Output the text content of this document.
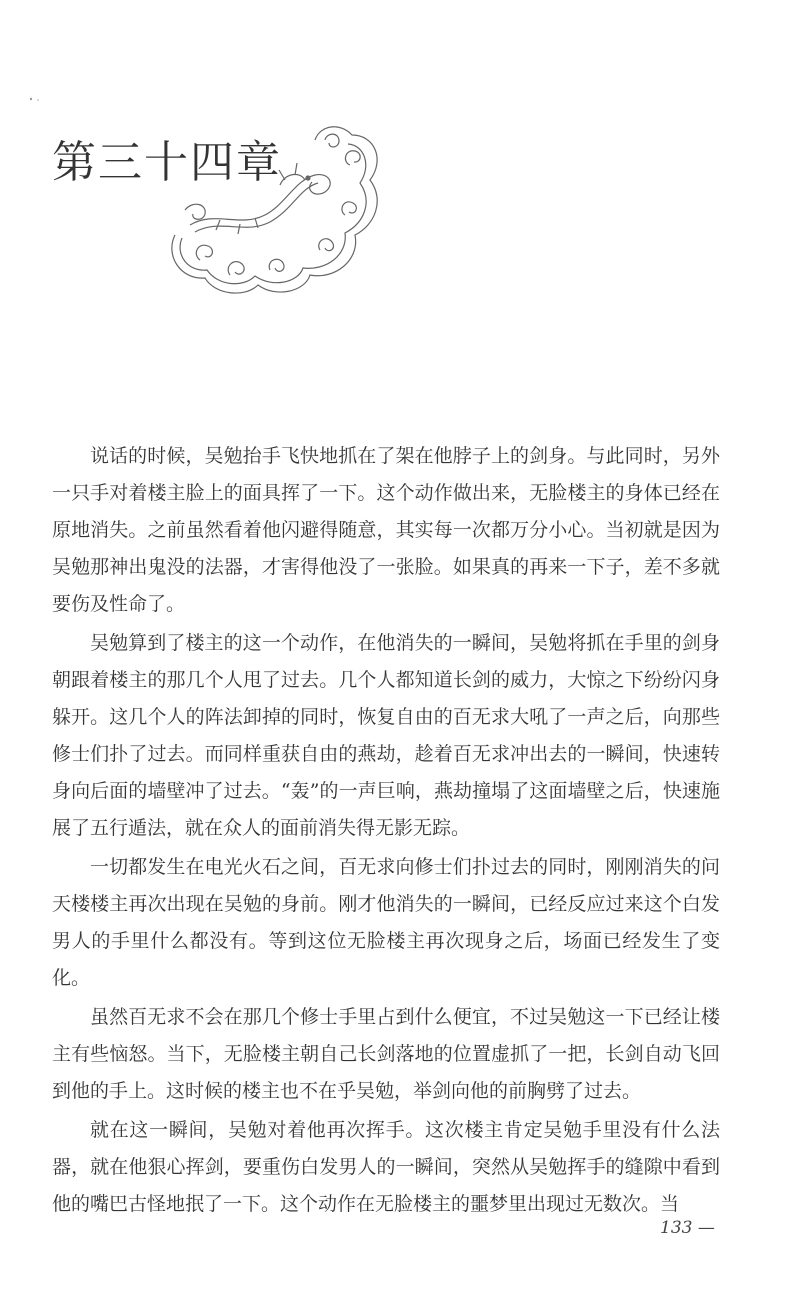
第三十四章

说话的时候，吴勉抬手飞快地抓在了架在他脖子上的剑身。与此同时，另外一只手对着楼主脸上的面具挥了一下。这个动作做出来，无脸楼主的身体已经在原地消失。之前虽然看着他闪避得随意，其实每一次都万分小心。当初就是因为吴勉那神出鬼没的法器，才害得他没了一张脸。如果真的再来一下子，差不多就要伤及性命了。

吴勉算到了楼主的这一个动作，在他消失的一瞬间，吴勉将抓在手里的剑身朝跟着楼主的那几个人甩了过去。几个人都知道长剑的威力，大惊之下纷纷闪身躲开。这几个人的阵法卸掉的同时，恢复自由的百无求大吼了一声之后，向那些修士们扑了过去。而同样重获自由的燕劫，趁着百无求冲出去的一瞬间，快速转身向后面的墙壁冲了过去。“轰”的一声巨响，燕劫撞塌了这面墙壁之后，快速施展了五行遁法，就在众人的面前消失得无影无踪。

一切都发生在电光火石之间，百无求向修士们扑过去的同时，刚刚消失的问天楼楼主再次出现在吴勉的身前。刚才他消失的一瞬间，已经反应过来这个白发男人的手里什么都没有。等到这位无脸楼主再次现身之后，场面已经发生了变化。

虽然百无求不会在那几个修士手里占到什么便宜，不过吴勉这一下已经让楼主有些恼怒。当下，无脸楼主朝自己长剑落地的位置虚抓了一把，长剑自动飞回到他的手上。这时候的楼主也不在乎吴勉，举剑向他的前胸劈了过去。

就在这一瞬间，吴勉对着他再次挥手。这次楼主肯定吴勉手里没有什么法器，就在他狠心挥剑，要重伤白发男人的一瞬间，突然从吴勉挥手的缝隙中看到他的嘴巴古怪地抿了一下。这个动作在无脸楼主的噩梦里出现过无数次。当

133 —
